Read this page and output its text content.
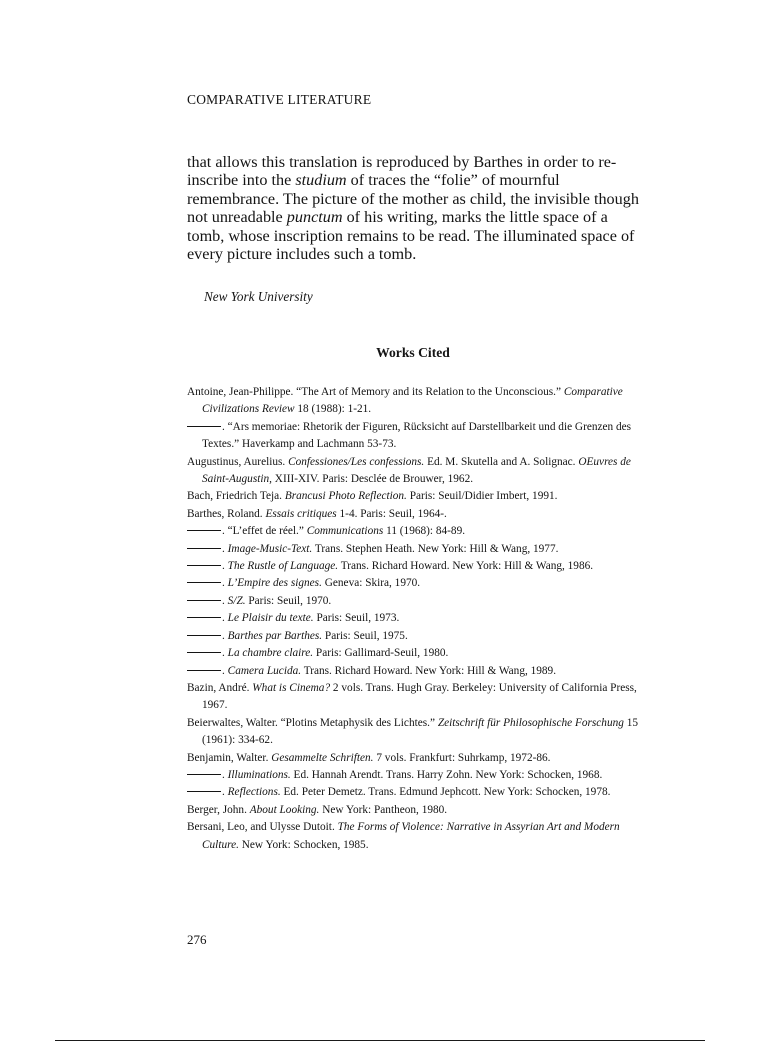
COMPARATIVE LITERATURE

that allows this translation is reproduced by Barthes in order to re-inscribe into the studium of traces the “folie” of mournful remembrance. The picture of the mother as child, the invisible though not unreadable punctum of his writing, marks the little space of a tomb, whose inscription remains to be read. The illuminated space of every picture includes such a tomb.

New York University
Works Cited
Antoine, Jean-Philippe. “The Art of Memory and its Relation to the Unconscious.” Comparative Civilizations Review 18 (1988): 1-21.
. “Ars memoriae: Rhetorik der Figuren, Rücksicht auf Darstellbarkeit und die Grenzen des Textes.” Haverkamp and Lachmann 53-73.
Augustinus, Aurelius. Confessiones/Les confessions. Ed. M. Skutella and A. Solignac. OEuvres de Saint-Augustin, XIII-XIV. Paris: Desclée de Brouwer, 1962.
Bach, Friedrich Teja. Brancusi Photo Reflection. Paris: Seuil/Didier Imbert, 1991.
Barthes, Roland. Essais critiques 1-4. Paris: Seuil, 1964-.
. “L’effet de réel.” Communications 11 (1968): 84-89.
. Image-Music-Text. Trans. Stephen Heath. New York: Hill & Wang, 1977.
. The Rustle of Language. Trans. Richard Howard. New York: Hill & Wang, 1986.
. L’Empire des signes. Geneva: Skira, 1970.
. S/Z. Paris: Seuil, 1970.
. Le Plaisir du texte. Paris: Seuil, 1973.
. Barthes par Barthes. Paris: Seuil, 1975.
. La chambre claire. Paris: Gallimard-Seuil, 1980.
. Camera Lucida. Trans. Richard Howard. New York: Hill & Wang, 1989.
Bazin, André. What is Cinema? 2 vols. Trans. Hugh Gray. Berkeley: University of California Press, 1967.
Beierwaltes, Walter. “Plotins Metaphysik des Lichtes.” Zeitschrift für Philosophische Forschung 15 (1961): 334-62.
Benjamin, Walter. Gesammelte Schriften. 7 vols. Frankfurt: Suhrkamp, 1972-86.
. Illuminations. Ed. Hannah Arendt. Trans. Harry Zohn. New York: Schocken, 1968.
. Reflections. Ed. Peter Demetz. Trans. Edmund Jephcott. New York: Schocken, 1978.
Berger, John. About Looking. New York: Pantheon, 1980.
Bersani, Leo, and Ulysse Dutoit. The Forms of Violence: Narrative in Assyrian Art and Modern Culture. New York: Schocken, 1985.
276
